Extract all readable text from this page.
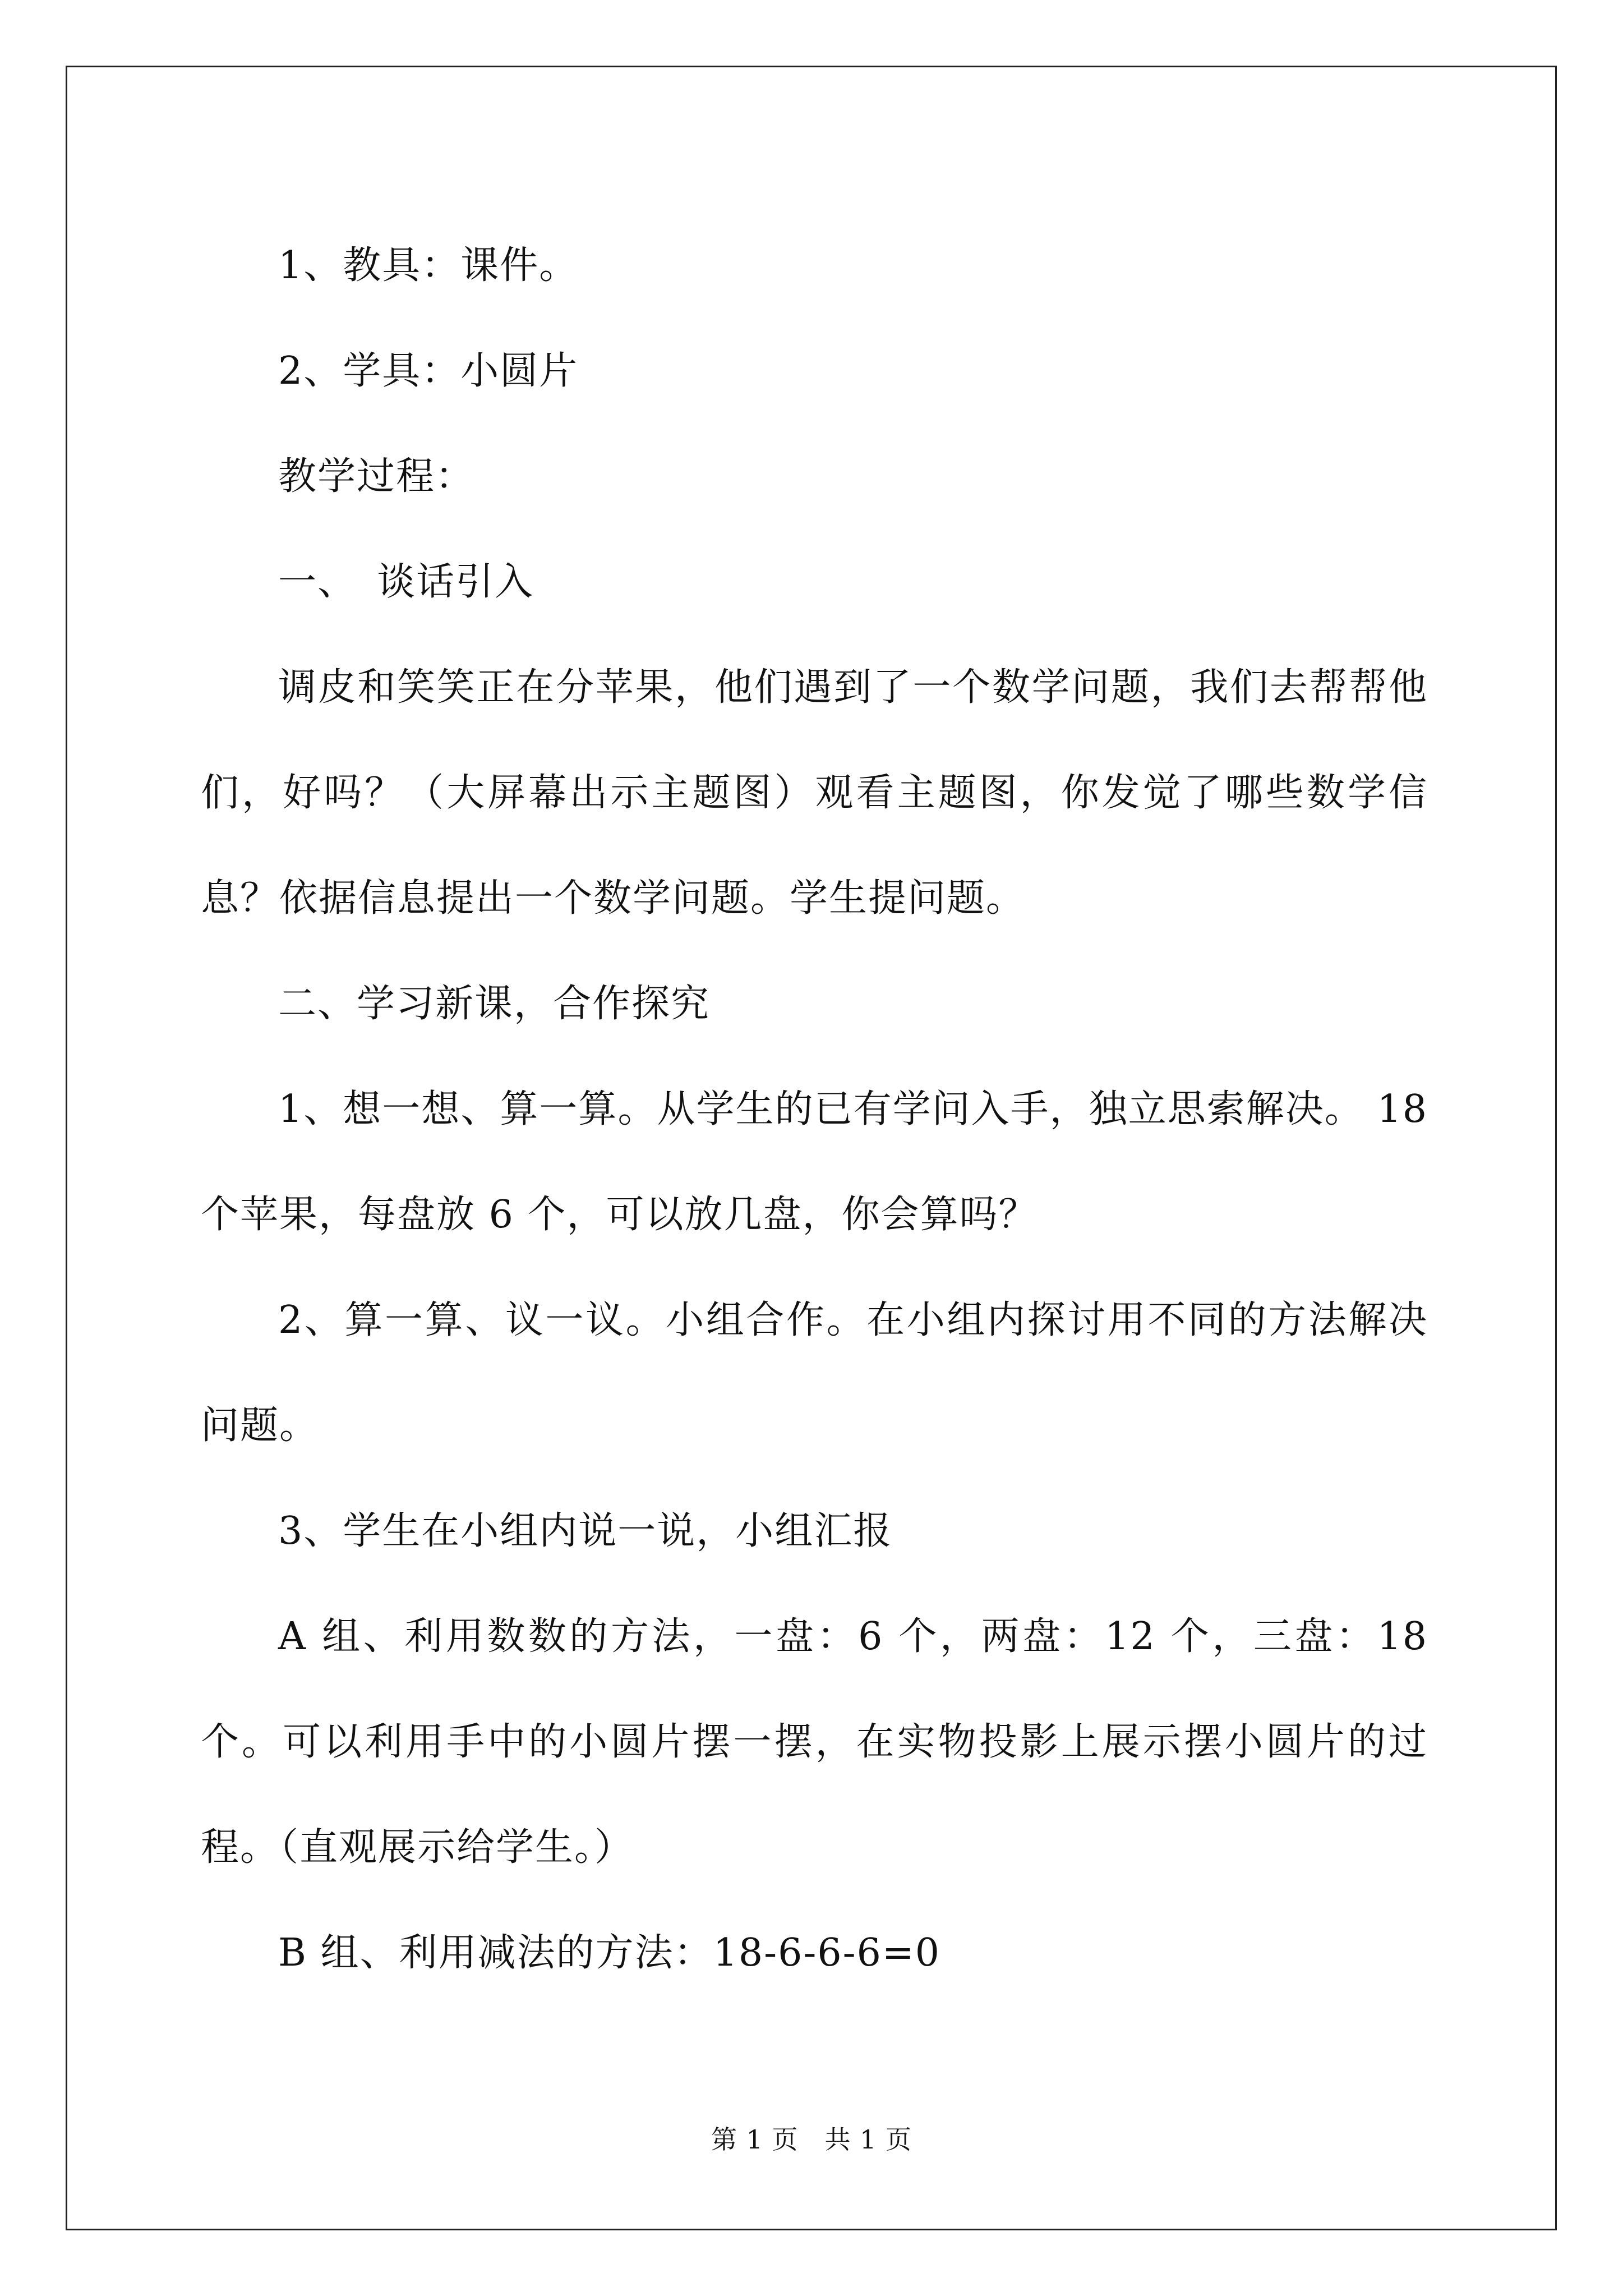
1、教具：课件。

2、学具：小圆片

教学过程：

一、　谈话引入

调皮和笑笑正在分苹果，他们遇到了一个数学问题，我们去帮帮他们，好吗？（大屏幕出示主题图）观看主题图，你发觉了哪些数学信息？依据信息提出一个数学问题。学生提问题。

二、学习新课，合作探究

1、想一想、算一算。从学生的已有学问入手，独立思索解决。 18个苹果，每盘放 6 个，可以放几盘，你会算吗？

2、算一算、议一议。小组合作。在小组内探讨用不同的方法解决问题。

3、学生在小组内说一说，小组汇报

A 组、利用数数的方法，一盘：6 个，两盘：12 个，三盘：18 个。可以利用手中的小圆片摆一摆，在实物投影上展示摆小圆片的过程。（直观展示给学生。）

B 组、利用减法的方法：18-6-6-6=0

第 1 页　共 1 页
